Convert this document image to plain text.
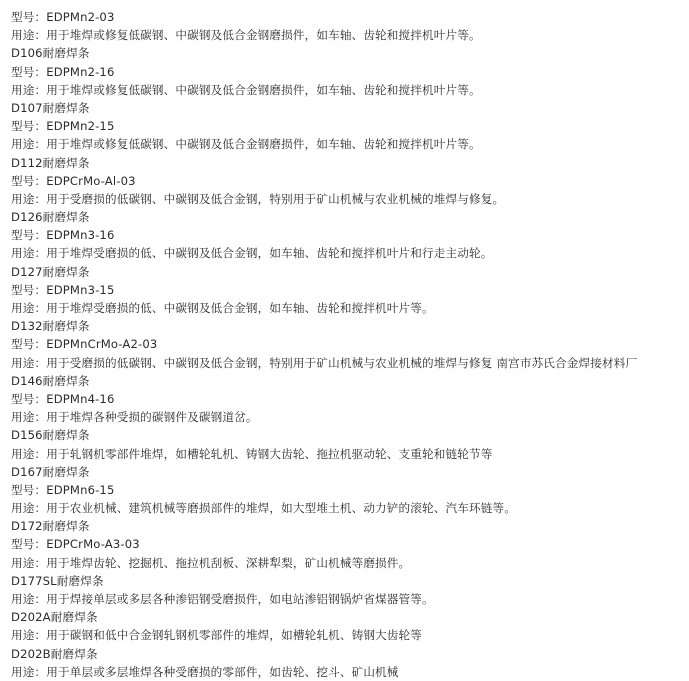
型号：EDPMn2-03
用途：用于堆焊或修复低碳钢、中碳钢及低合金钢磨损件，如车轴、齿轮和搅拌机叶片等。
D106耐磨焊条
型号：EDPMn2-16
用途：用于堆焊或修复低碳钢、中碳钢及低合金钢磨损件，如车轴、齿轮和搅拌机叶片等。
D107耐磨焊条
型号：EDPMn2-15
用途：用于堆焊或修复低碳钢、中碳钢及低合金钢磨损件，如车轴、齿轮和搅拌机叶片等。
D112耐磨焊条
型号：EDPCrMo-Al-03
用途：用于受磨损的低碳钢、中碳钢及低合金钢，特别用于矿山机械与农业机械的堆焊与修复。
D126耐磨焊条
型号：EDPMn3-16
用途：用于堆焊受磨损的低、中碳钢及低合金钢，如车轴、齿轮和搅拌机叶片和行走主动轮。
D127耐磨焊条
型号：EDPMn3-15
用途：用于堆焊受磨损的低、中碳钢及低合金钢，如车轴、齿轮和搅拌机叶片等。
D132耐磨焊条
型号：EDPMnCrMo-A2-03
用途：用于受磨损的低碳钢、中碳钢及低合金钢，特别用于矿山机械与农业机械的堆焊与修复 南宫市苏氏合金焊接材料厂
D146耐磨焊条
型号：EDPMn4-16
用途：用于堆焊各种受损的碳钢件及碳钢道岔。
D156耐磨焊条
用途：用于轧钢机零部件堆焊，如槽轮轧机、铸钢大齿轮、拖拉机驱动轮、支重轮和链轮节等
D167耐磨焊条
型号：EDPMn6-15
用途：用于农业机械、建筑机械等磨损部件的堆焊，如大型堆土机、动力铲的滚轮、汽车环链等。
D172耐磨焊条
型号：EDPCrMo-A3-03
用途：用于堆焊齿轮、挖掘机、拖拉机刮板、深耕犁梨，矿山机械等磨损件。
D177SL耐磨焊条
用途：用于焊接单层或多层各种渗铝钢受磨损件，如电站渗铝钢锅炉省煤器管等。
D202A耐磨焊条
用途：用于碳钢和低中合金钢轧钢机零部件的堆焊，如槽轮轧机、铸钢大齿轮等
D202B耐磨焊条
用途：用于单层或多层堆焊各种受磨损的零部件，如齿轮、挖斗、矿山机械
